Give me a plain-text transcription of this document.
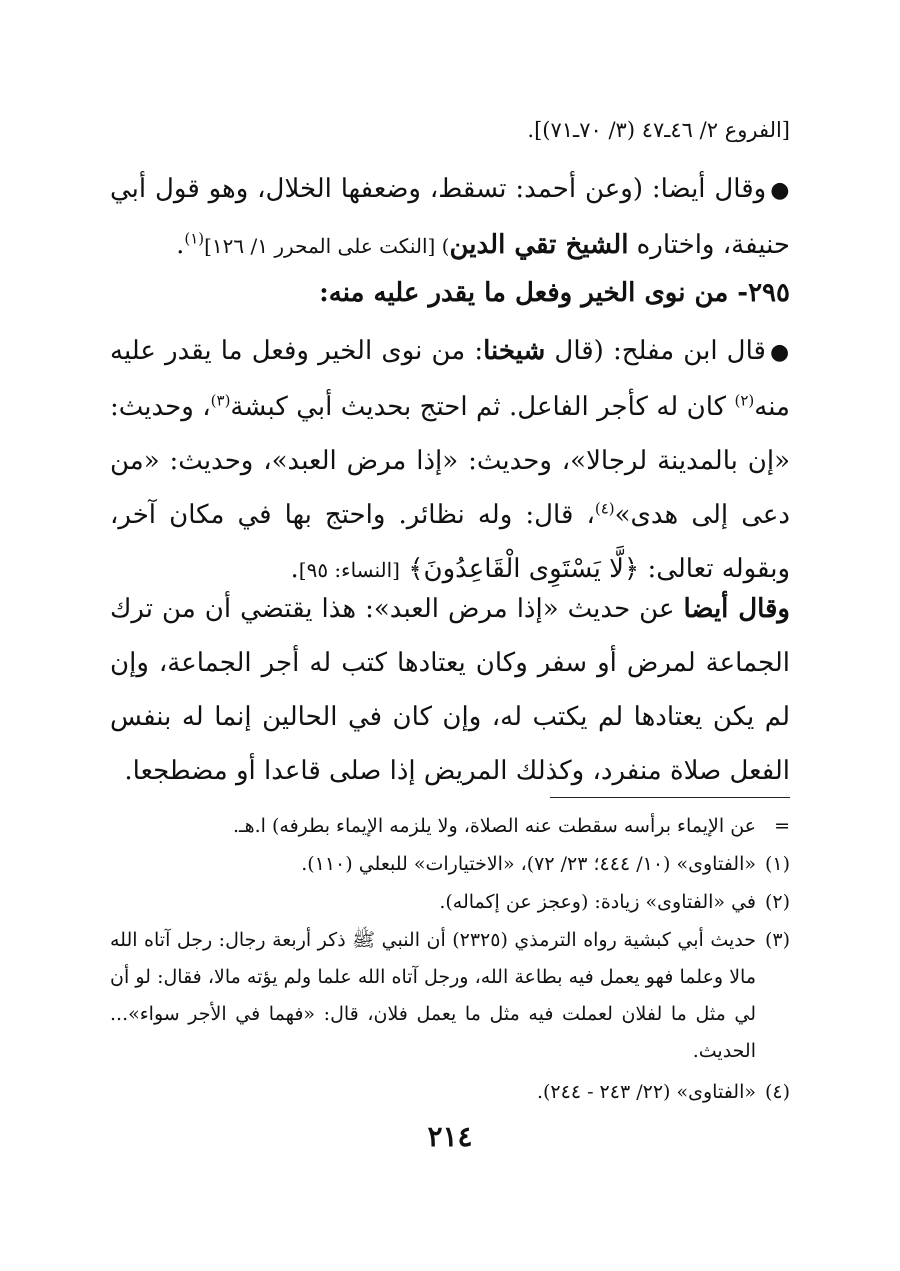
[الفروع ٢/ ٤٦ـ٤٧ (٣/ ٧٠ـ٧١)].

●وقال أيضا: (وعن أحمد: تسقط، وضعفها الخلال، وهو قول أبي حنيفة، واختاره الشيخ تقي الدين) [النكت على المحرر ١/ ١٢٦]$^{(١)}$.

٢٩٥- من نوى الخير وفعل ما يقدر عليه منه:

●قال ابن مفلح: (قال شيخنا: من نوى الخير وفعل ما يقدر عليه منه$^{(٢)}$ كان له كأجر الفاعل. ثم احتج بحديث أبي كبشة$^{(٣)}$، وحديث: «إن بالمدينة لرجالا»، وحديث: «إذا مرض العبد»، وحديث: «من دعى إلى هدى»$^{(٤)}$، قال: وله نظائر. واحتج بها في مكان آخر، وبقوله تعالى: ﴿لَّا يَسْتَوِى الْقَاعِدُونَ﴾ [النساء: ٩٥].

وقال أيضا عن حديث «إذا مرض العبد»: هذا يقتضي أن من ترك الجماعة لمرض أو سفر وكان يعتادها كتب له أجر الجماعة، وإن لم يكن يعتادها لم يكتب له، وإن كان في الحالين إنما له بنفس الفعل صلاة منفرد، وكذلك المريض إذا صلى قاعدا أو مضطجعا.

=عن الإيماء برأسه سقطت عنه الصلاة، ولا يلزمه الإيماء بطرفه) ا.هـ.

(١)«الفتاوى» (١٠/ ٤٤٤؛ ٢٣/ ٧٢)، «الاختيارات» للبعلي (١١٠).

(٢)في «الفتاوى» زيادة: (وعجز عن إكماله).

(٣)
حديث أبي كبشية رواه الترمذي (٢٣٢٥) أن النبي ﷺ ذكر أربعة رجال: رجل آتاه الله مالا وعلما فهو يعمل فيه بطاعة الله، ورجل آتاه الله علما ولم يؤته مالا، فقال: لو أن لي مثل ما لفلان لعملت فيه مثل ما يعمل فلان، قال: «فهما في الأجر سواء»... الحديث.

(٤)«الفتاوى» (٢٢/ ٢٤٣ - ٢٤٤).

٢١٤
